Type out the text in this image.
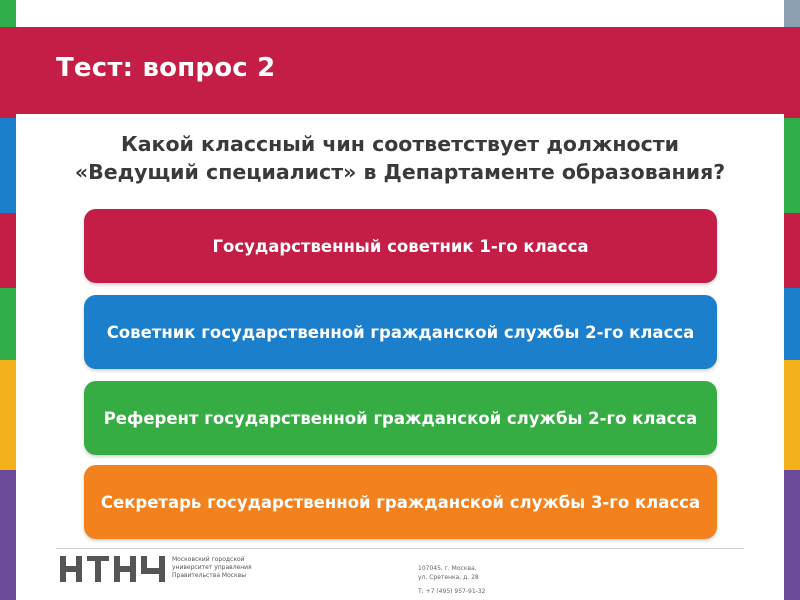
Тест: вопрос 2
Какой классный чин соответствует должности
«Ведущий специалист» в Департаменте образования?
Государственный советник 1-го класса
Советник государственной гражданской службы 2-го класса
Референт государственной гражданской службы 2-го класса
Секретарь государственной гражданской службы 3-го класса
Московский городской
университет управления
Правительства Москвы
107045, г. Москва,
ул. Сретенка, д. 28
Т: +7 (495) 957-91-32
